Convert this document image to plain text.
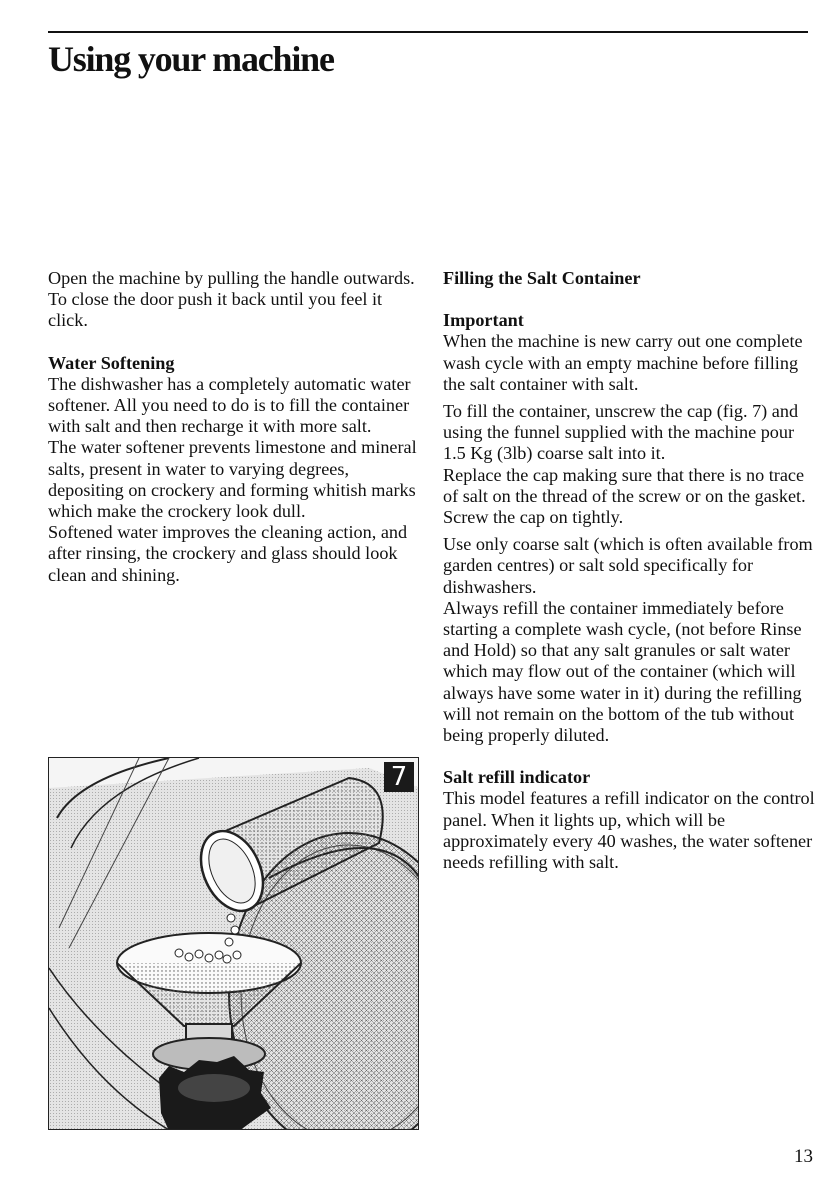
Using your machine

Open the machine by pulling the handle outwards.

To close the door push it back until you feel it click.

Water Softening

The dishwasher has a completely automatic water softener. All you need to do is to fill the container with salt and then recharge it with more salt.

The water softener prevents limestone and mineral salts, present in water to varying degrees, depositing on crockery and forming whitish marks which make the crockery look dull.

Softened water improves the cleaning action, and after rinsing, the crockery and glass should look clean and shining.

7
Filling the Salt Container
Important

When the machine is new carry out one complete wash cycle with an empty machine before filling the salt container with salt.

To fill the container, unscrew the cap (fig. 7) and using the funnel supplied with the machine pour 1.5 Kg (3lb) coarse salt into it.

Replace the cap making sure that there is no trace of salt on the thread of the screw or on the gasket. Screw the cap on tightly.

Use only coarse salt (which is often available from garden centres) or salt sold specifically for dishwashers.

Always refill the container immediately before starting a complete wash cycle, (not before Rinse and Hold) so that any salt granules or salt water which may flow out of the container (which will always have some water in it) during the refilling will not remain on the bottom of the tub without being properly diluted.

Salt refill indicator

This model features a refill indicator on the control panel. When it lights up, which will be approximately every 40 washes, the water softener needs refilling with salt.

13
